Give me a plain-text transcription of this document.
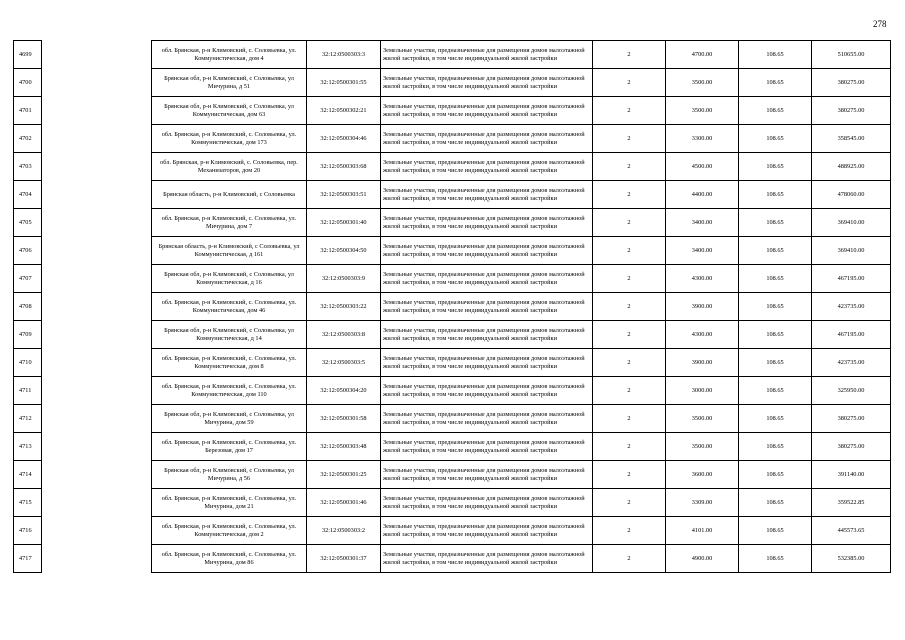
278
4699		обл. Брянская, р-н Климовский, с. Соловьевка, ул. Коммунистическая, дом 4	32:12:0500303:3	Земельные участки, предназначенные для размещения домов малоэтажной жилой застройки, в том числе индивидуальной жилой застройки	2	4700.00	108.65	510655.00
4700		Брянская обл, р-н Климовский, с Соловьевка, ул Мичурина, д 51	32:12:0500301:55	Земельные участки, предназначенные для размещения домов малоэтажной жилой застройки, в том числе индивидуальной жилой застройки	2	3500.00	108.65	380275.00
4701		Брянская обл, р-н Климовский, с Соловьевка, ул Коммунистическая, дом 63	32:12:0500302:21	Земельные участки, предназначенные для размещения домов малоэтажной жилой застройки, в том числе индивидуальной жилой застройки	2	3500.00	108.65	380275.00
4702		обл. Брянская, р-н Климовский, с. Соловьевка, ул. Коммунистическая, дом 173	32:12:0500304:46	Земельные участки, предназначенные для размещения домов малоэтажной жилой застройки, в том числе индивидуальной жилой застройки	2	3300.00	108.65	358545.00
4703		обл. Брянская, р-н Климовский, с. Соловьевка, пер. Механизаторов, дом 20	32:12:0500303:68	Земельные участки, предназначенные для размещения домов малоэтажной жилой застройки, в том числе индивидуальной жилой застройки	2	4500.00	108.65	488925.00
4704		Брянская область, р-н Климовский, с Соловьевка	32:12:0500303:51	Земельные участки, предназначенные для размещения домов малоэтажной жилой застройки, в том числе индивидуальной жилой застройки	2	4400.00	108.65	478060.00
4705		обл. Брянская, р-н Климовский, с. Соловьевка, ул. Мичурина, дом 7	32:12:0500301:40	Земельные участки, предназначенные для размещения домов малоэтажной жилой застройки, в том числе индивидуальной жилой застройки	2	3400.00	108.65	369410.00
4706		Брянская область, р-н Климовский, с Соловьевка, ул Коммунистическая, д 161	32:12:0500304:50	Земельные участки, предназначенные для размещения домов малоэтажной жилой застройки, в том числе индивидуальной жилой застройки	2	3400.00	108.65	369410.00
4707		Брянская обл, р-н Климовский, с Соловьевка, ул Коммунистическая, д 16	32:12:0500303:9	Земельные участки, предназначенные для размещения домов малоэтажной жилой застройки, в том числе индивидуальной жилой застройки	2	4300.00	108.65	467195.00
4708		обл. Брянская, р-н Климовский, с. Соловьевка, ул. Коммунистическая, дом 46	32:12:0500303:22	Земельные участки, предназначенные для размещения домов малоэтажной жилой застройки, в том числе индивидуальной жилой застройки	2	3900.00	108.65	423735.00
4709		Брянская обл, р-н Климовский, с Соловьевка, ул Коммунистическая, д 14	32:12:0500303:8	Земельные участки, предназначенные для размещения домов малоэтажной жилой застройки, в том числе индивидуальной жилой застройки	2	4300.00	108.65	467195.00
4710		обл. Брянская, р-н Климовский, с. Соловьевка, ул. Коммунистическая, дом 8	32:12:0500303:5	Земельные участки, предназначенные для размещения домов малоэтажной жилой застройки, в том числе индивидуальной жилой застройки	2	3900.00	108.65	423735.00
4711		обл. Брянская, р-н Климовский, с. Соловьевка, ул. Коммунистическая, дом 110	32:12:0500304:20	Земельные участки, предназначенные для размещения домов малоэтажной жилой застройки, в том числе индивидуальной жилой застройки	2	3000.00	108.65	325950.00
4712		Брянская обл, р-н Климовский, с Соловьевка, ул Мичурина, дом 59	32:12:0500301:58	Земельные участки, предназначенные для размещения домов малоэтажной жилой застройки, в том числе индивидуальной жилой застройки	2	3500.00	108.65	380275.00
4713		обл. Брянская, р-н Климовский, с. Соловьевка, ул. Березовая, дом 17	32:12:0500303:48	Земельные участки, предназначенные для размещения домов малоэтажной жилой застройки, в том числе индивидуальной жилой застройки	2	3500.00	108.65	380275.00
4714		Брянская обл, р-н Климовский, с Соловьевка, ул Мичурина, д 56	32:12:0500301:25	Земельные участки, предназначенные для размещения домов малоэтажной жилой застройки, в том числе индивидуальной жилой застройки	2	3600.00	108.65	391140.00
4715		обл. Брянская, р-н Климовский, с. Соловьевка, ул. Мичурина, дом 21	32:12:0500301:46	Земельные участки, предназначенные для размещения домов малоэтажной жилой застройки, в том числе индивидуальной жилой застройки	2	3309.00	108.65	359522.85
4716		обл. Брянская, р-н Климовский, с. Соловьевка, ул. Коммунистическая, дом 2	32:12:0500303:2	Земельные участки, предназначенные для размещения домов малоэтажной жилой застройки, в том числе индивидуальной жилой застройки	2	4101.00	108.65	445573.65
4717		обл. Брянская, р-н Климовский, с. Соловьевка, ул. Мичурина, дом 86	32:12:0500301:37	Земельные участки, предназначенные для размещения домов малоэтажной жилой застройки, в том числе индивидуальной жилой застройки	2	4900.00	108.65	532385.00
